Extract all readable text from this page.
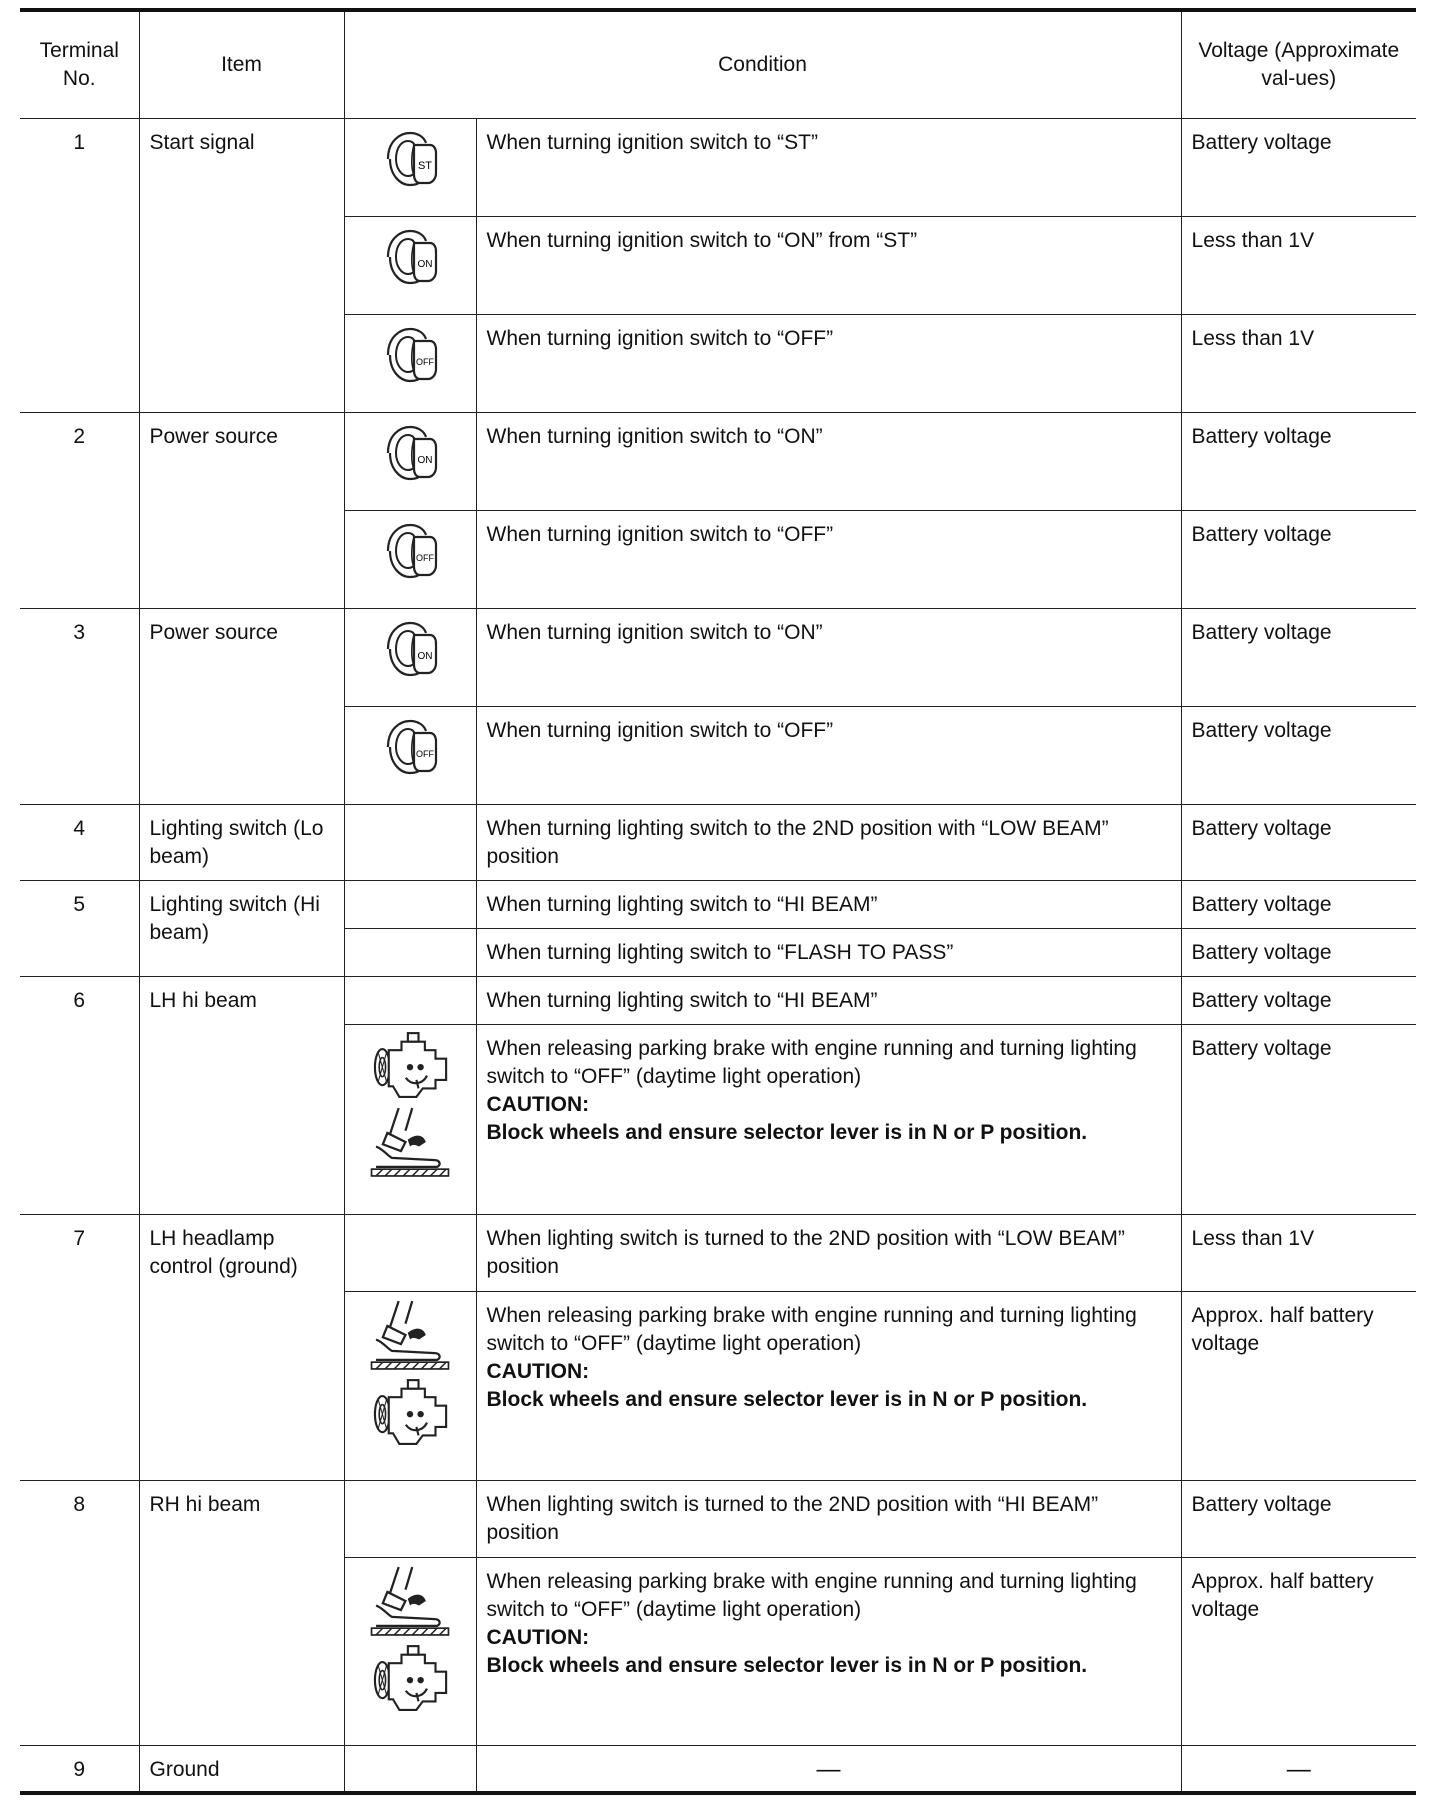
Terminal No.	Item	Condition		Voltage (Approximate val-ues)
1	Start signal	ST	When turning ignition switch to “ST”	Battery voltage

ON	When turning ignition switch to “ON” from “ST”	Less than 1V

OFF	When turning ignition switch to “OFF”	Less than 1V
2	Power source	ON	When turning ignition switch to “ON”	Battery voltage

OFF	When turning ignition switch to “OFF”	Battery voltage
3	Power source	ON	When turning ignition switch to “ON”	Battery voltage

OFF	When turning ignition switch to “OFF”	Battery voltage
4	Lighting switch (Lo beam)		When turning lighting switch to the 2ND position with “LOW BEAM” position	Battery voltage
5	Lighting switch (Hi beam)		When turning lighting switch to “HI BEAM”	Battery voltage
			When turning lighting switch to “FLASH TO PASS”	Battery voltage
6	LH hi beam		When turning lighting switch to “HI BEAM”	Battery voltage

	When releasing parking brake with engine running and turning lighting switch to “OFF” (daytime light operation)
CAUTION:
Block wheels and ensure selector lever is in N or P position.	Battery voltage
7	LH headlamp control (ground)		When lighting switch is turned to the 2ND position with “LOW BEAM” position	Less than 1V

	When releasing parking brake with engine running and turning lighting switch to “OFF” (daytime light operation)
CAUTION:
Block wheels and ensure selector lever is in N or P position.	Approx. half battery voltage
8	RH hi beam		When lighting switch is turned to the 2ND position with “HI BEAM” position	Battery voltage

	When releasing parking brake with engine running and turning lighting switch to “OFF” (daytime light operation)
CAUTION:
Block wheels and ensure selector lever is in N or P position.	Approx. half battery voltage
9	Ground		—	—
